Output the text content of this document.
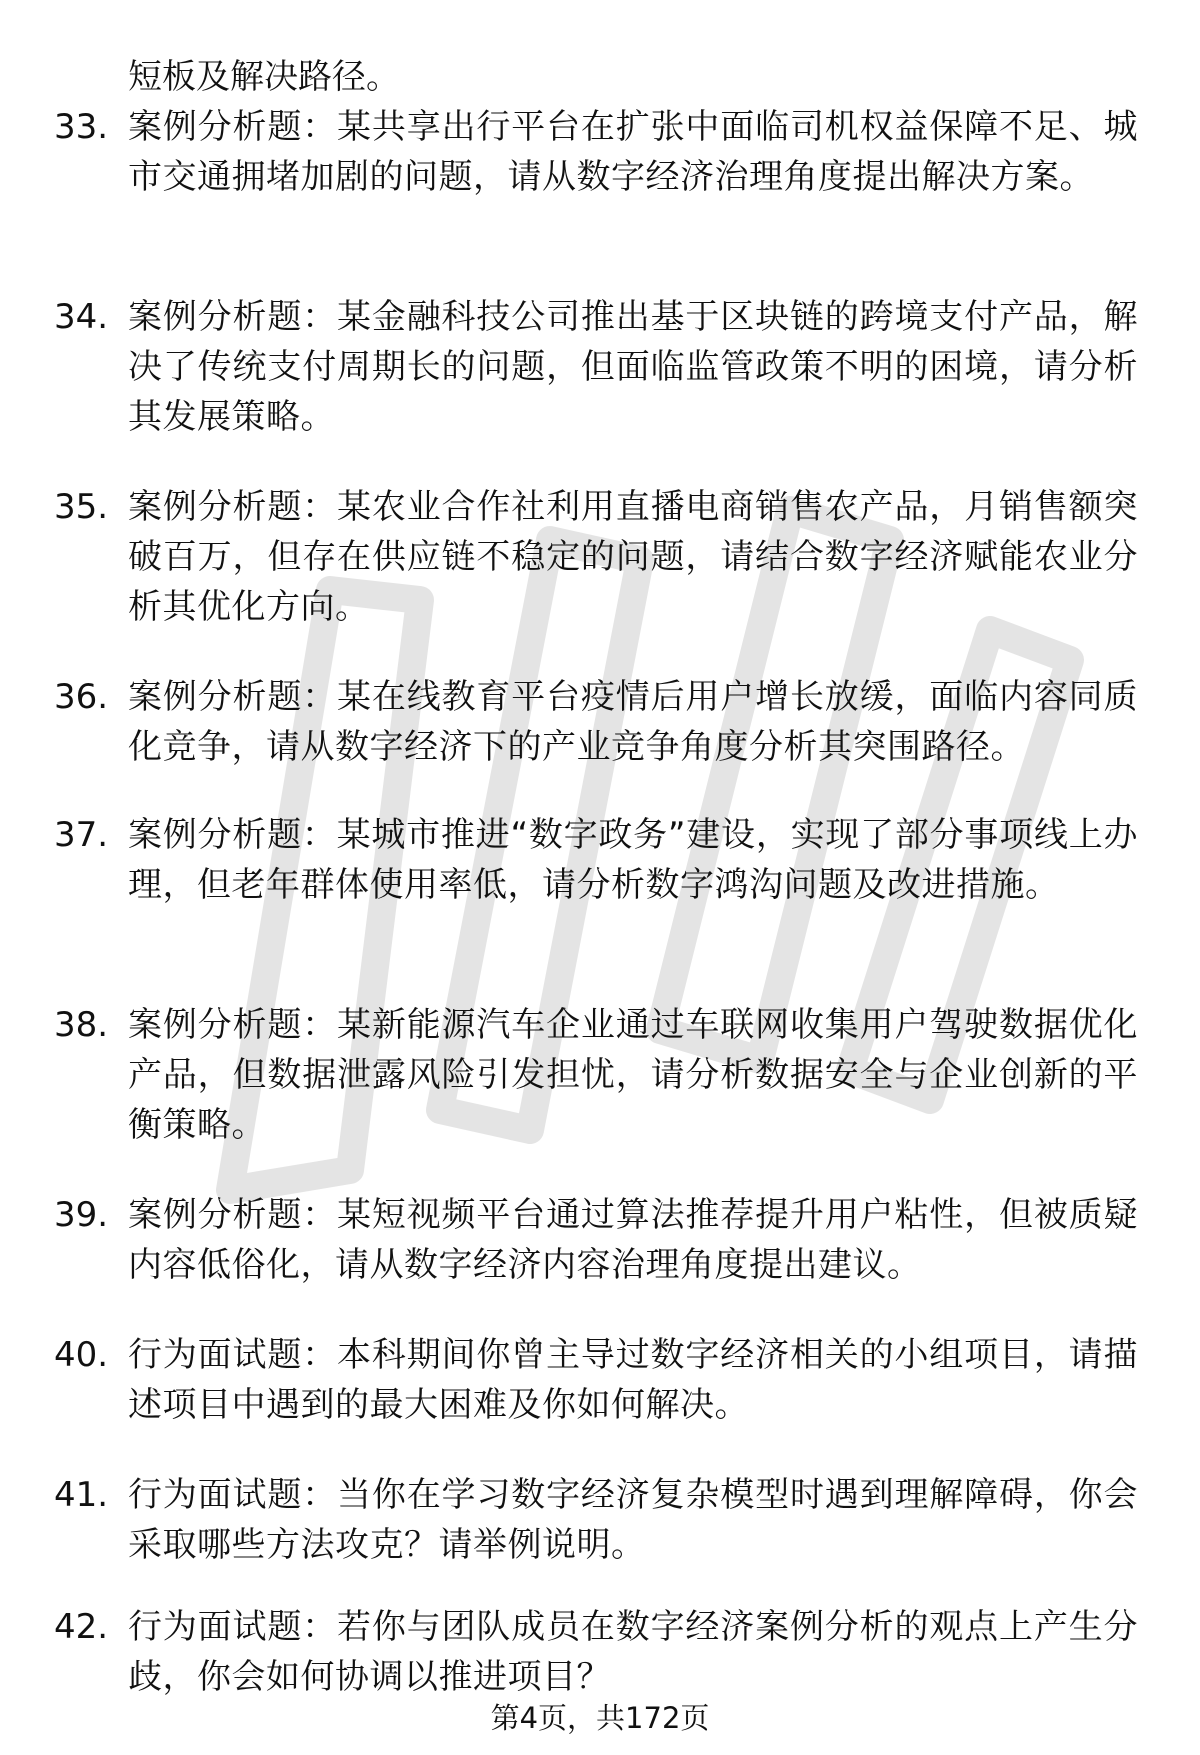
短板及解决路径。

33. 案例分析题：某共享出行平台在扩张中面临司机权益保障不足、城市交通拥堵加剧的问题，请从数字经济治理角度提出解决方案。
34. 案例分析题：某金融科技公司推出基于区块链的跨境支付产品，解决了传统支付周期长的问题，但面临监管政策不明的困境，请分析其发展策略。
35. 案例分析题：某农业合作社利用直播电商销售农产品，月销售额突破百万，但存在供应链不稳定的问题，请结合数字经济赋能农业分析其优化方向。
36. 案例分析题：某在线教育平台疫情后用户增长放缓，面临内容同质化竞争，请从数字经济下的产业竞争角度分析其突围路径。
37. 案例分析题：某城市推进“数字政务”建设，实现了部分事项线上办理，但老年群体使用率低，请分析数字鸿沟问题及改进措施。
38. 案例分析题：某新能源汽车企业通过车联网收集用户驾驶数据优化产品，但数据泄露风险引发担忧，请分析数据安全与企业创新的平衡策略。
39. 案例分析题：某短视频平台通过算法推荐提升用户粘性，但被质疑内容低俗化，请从数字经济内容治理角度提出建议。
40. 行为面试题：本科期间你曾主导过数字经济相关的小组项目，请描述项目中遇到的最大困难及你如何解决。
41. 行为面试题：当你在学习数字经济复杂模型时遇到理解障碍，你会采取哪些方法攻克？请举例说明。
42. 行为面试题：若你与团队成员在数字经济案例分析的观点上产生分歧，你会如何协调以推进项目？
第4页，共172页
